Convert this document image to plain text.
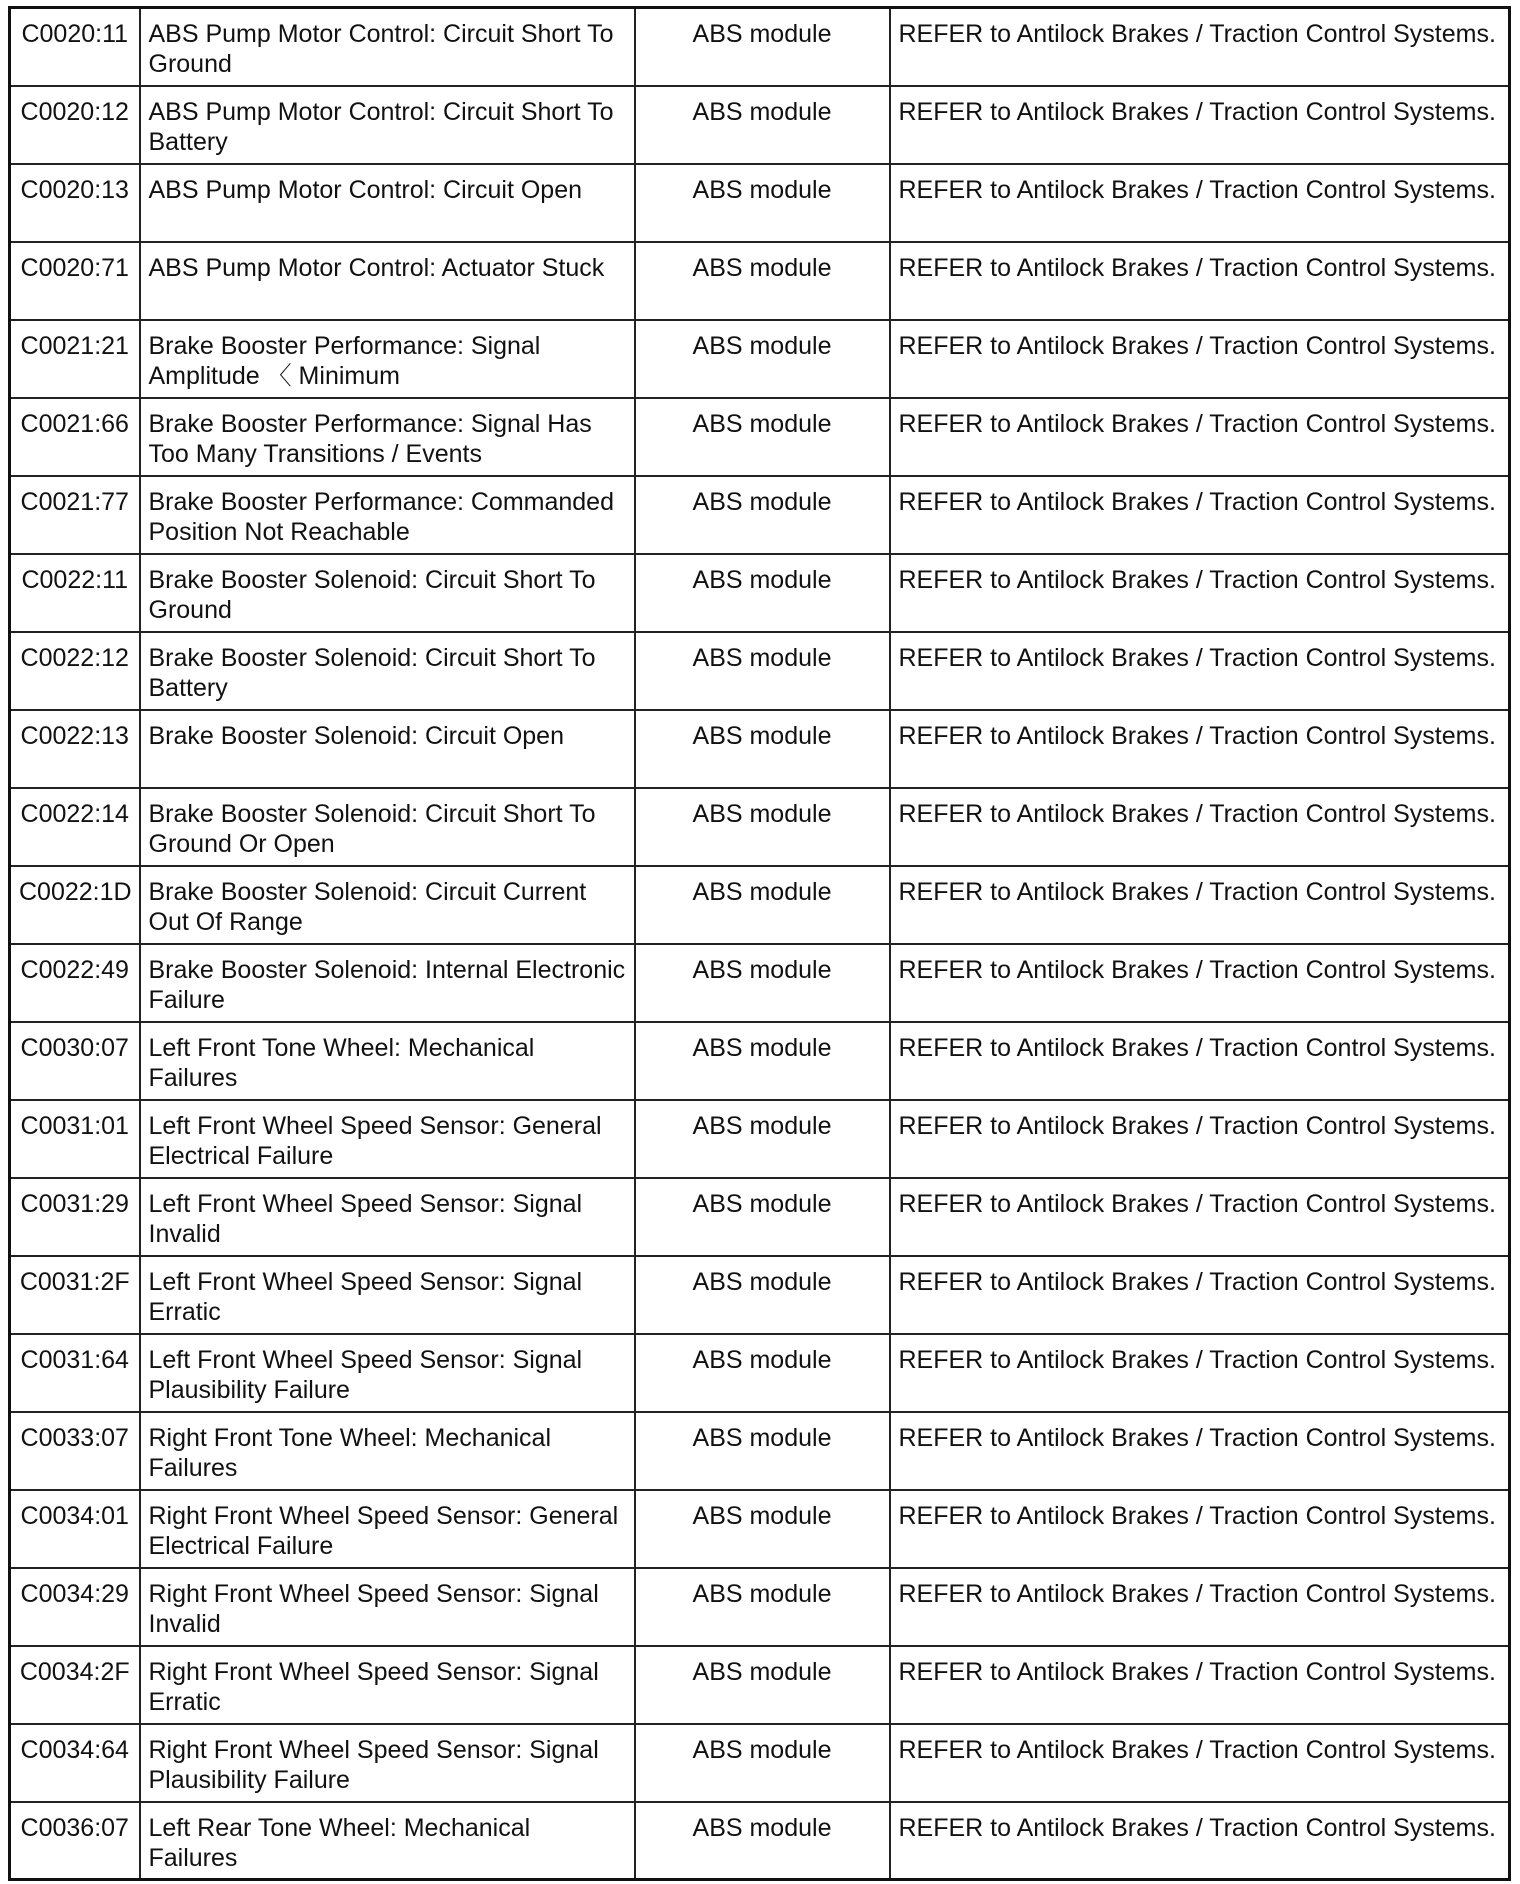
C0020:11	ABS Pump Motor Control: Circuit Short To Ground	ABS module	REFER to Antilock Brakes / Traction Control Systems.
C0020:12	ABS Pump Motor Control: Circuit Short To Battery	ABS module	REFER to Antilock Brakes / Traction Control Systems.
C0020:13	ABS Pump Motor Control: Circuit Open	ABS module	REFER to Antilock Brakes / Traction Control Systems.
C0020:71	ABS Pump Motor Control: Actuator Stuck	ABS module	REFER to Antilock Brakes / Traction Control Systems.
C0021:21	Brake Booster Performance: Signal Amplitude 〈 Minimum	ABS module	REFER to Antilock Brakes / Traction Control Systems.
C0021:66	Brake Booster Performance: Signal Has Too Many Transitions / Events	ABS module	REFER to Antilock Brakes / Traction Control Systems.
C0021:77	Brake Booster Performance: Commanded Position Not Reachable	ABS module	REFER to Antilock Brakes / Traction Control Systems.
C0022:11	Brake Booster Solenoid: Circuit Short To Ground	ABS module	REFER to Antilock Brakes / Traction Control Systems.
C0022:12	Brake Booster Solenoid: Circuit Short To Battery	ABS module	REFER to Antilock Brakes / Traction Control Systems.
C0022:13	Brake Booster Solenoid: Circuit Open	ABS module	REFER to Antilock Brakes / Traction Control Systems.
C0022:14	Brake Booster Solenoid: Circuit Short To Ground Or Open	ABS module	REFER to Antilock Brakes / Traction Control Systems.
C0022:1D	Brake Booster Solenoid: Circuit Current Out Of Range	ABS module	REFER to Antilock Brakes / Traction Control Systems.
C0022:49	Brake Booster Solenoid: Internal Electronic Failure	ABS module	REFER to Antilock Brakes / Traction Control Systems.
C0030:07	Left Front Tone Wheel: Mechanical Failures	ABS module	REFER to Antilock Brakes / Traction Control Systems.
C0031:01	Left Front Wheel Speed Sensor: General Electrical Failure	ABS module	REFER to Antilock Brakes / Traction Control Systems.
C0031:29	Left Front Wheel Speed Sensor: Signal Invalid	ABS module	REFER to Antilock Brakes / Traction Control Systems.
C0031:2F	Left Front Wheel Speed Sensor: Signal Erratic	ABS module	REFER to Antilock Brakes / Traction Control Systems.
C0031:64	Left Front Wheel Speed Sensor: Signal Plausibility Failure	ABS module	REFER to Antilock Brakes / Traction Control Systems.
C0033:07	Right Front Tone Wheel: Mechanical Failures	ABS module	REFER to Antilock Brakes / Traction Control Systems.
C0034:01	Right Front Wheel Speed Sensor: General Electrical Failure	ABS module	REFER to Antilock Brakes / Traction Control Systems.
C0034:29	Right Front Wheel Speed Sensor: Signal Invalid	ABS module	REFER to Antilock Brakes / Traction Control Systems.
C0034:2F	Right Front Wheel Speed Sensor: Signal Erratic	ABS module	REFER to Antilock Brakes / Traction Control Systems.
C0034:64	Right Front Wheel Speed Sensor: Signal Plausibility Failure	ABS module	REFER to Antilock Brakes / Traction Control Systems.
C0036:07	Left Rear Tone Wheel: Mechanical Failures	ABS module	REFER to Antilock Brakes / Traction Control Systems.
